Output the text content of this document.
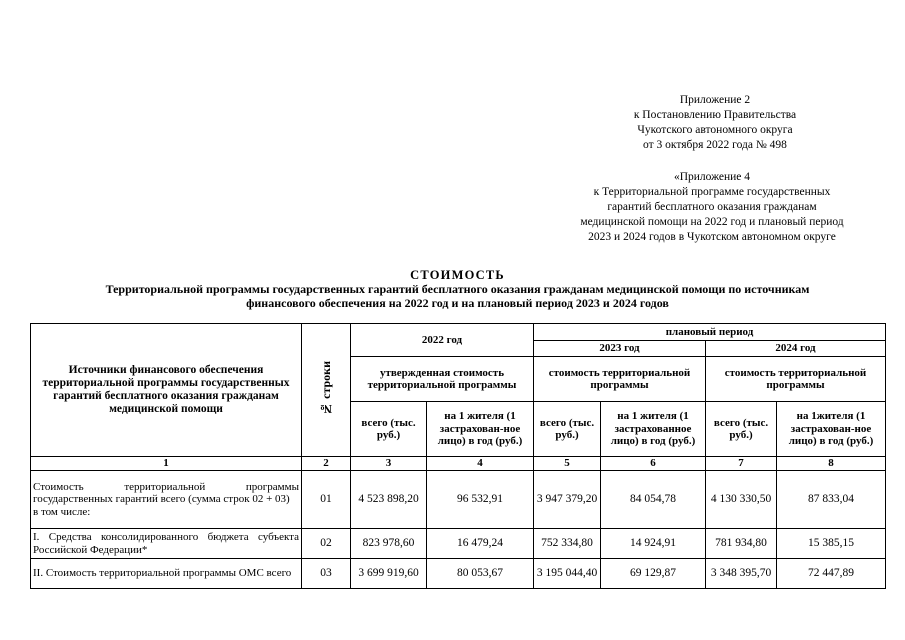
Приложение 2
к Постановлению Правительства
Чукотского автономного округа
от 3 октября 2022 года № 498
«Приложение 4
к Территориальной программе государственных
гарантий бесплатного оказания гражданам
медицинской помощи на 2022 год и плановый период
2023 и 2024 годов в Чукотском автономном округе
СТОИМОСТЬ
Территориальной программы государственных гарантий бесплатного оказания гражданам медицинской помощи по источникам
финансового обеспечения на 2022 год и на плановый период 2023 и 2024 годов
Источники финансового обеспечения территориальной программы государственных гарантий бесплатного оказания гражданам медицинской помощи	№ строки	2022 год		плановый период			
				2023 год		2024 год	
		утвержденная стоимость территориальной программы		стоимость территориальной программы		стоимость территориальной программы	
		всего (тыс. руб.)	на 1 жителя (1 застрахован-ное лицо) в год (руб.)	всего (тыс. руб.)	на 1 жителя (1 застрахованное лицо) в год (руб.)	всего (тыс. руб.)	на 1жителя (1 застрахован-ное лицо) в год (руб.)
1	2	3	4	5	6	7	8
Стоимость территориальной программы государственных гарантий всего (сумма строк 02 + 03)
в том числе:	01	4 523 898,20	96 532,91	3 947 379,20	84 054,78	4 130 330,50	87 833,04
I. Средства консолидированного бюджета субъекта Российской Федерации*	02	823 978,60	16 479,24	752 334,80	14 924,91	781 934,80	15 385,15
II. Стоимость территориальной программы ОМС всего	03	3 699 919,60	80 053,67	3 195 044,40	69 129,87	3 348 395,70	72 447,89
